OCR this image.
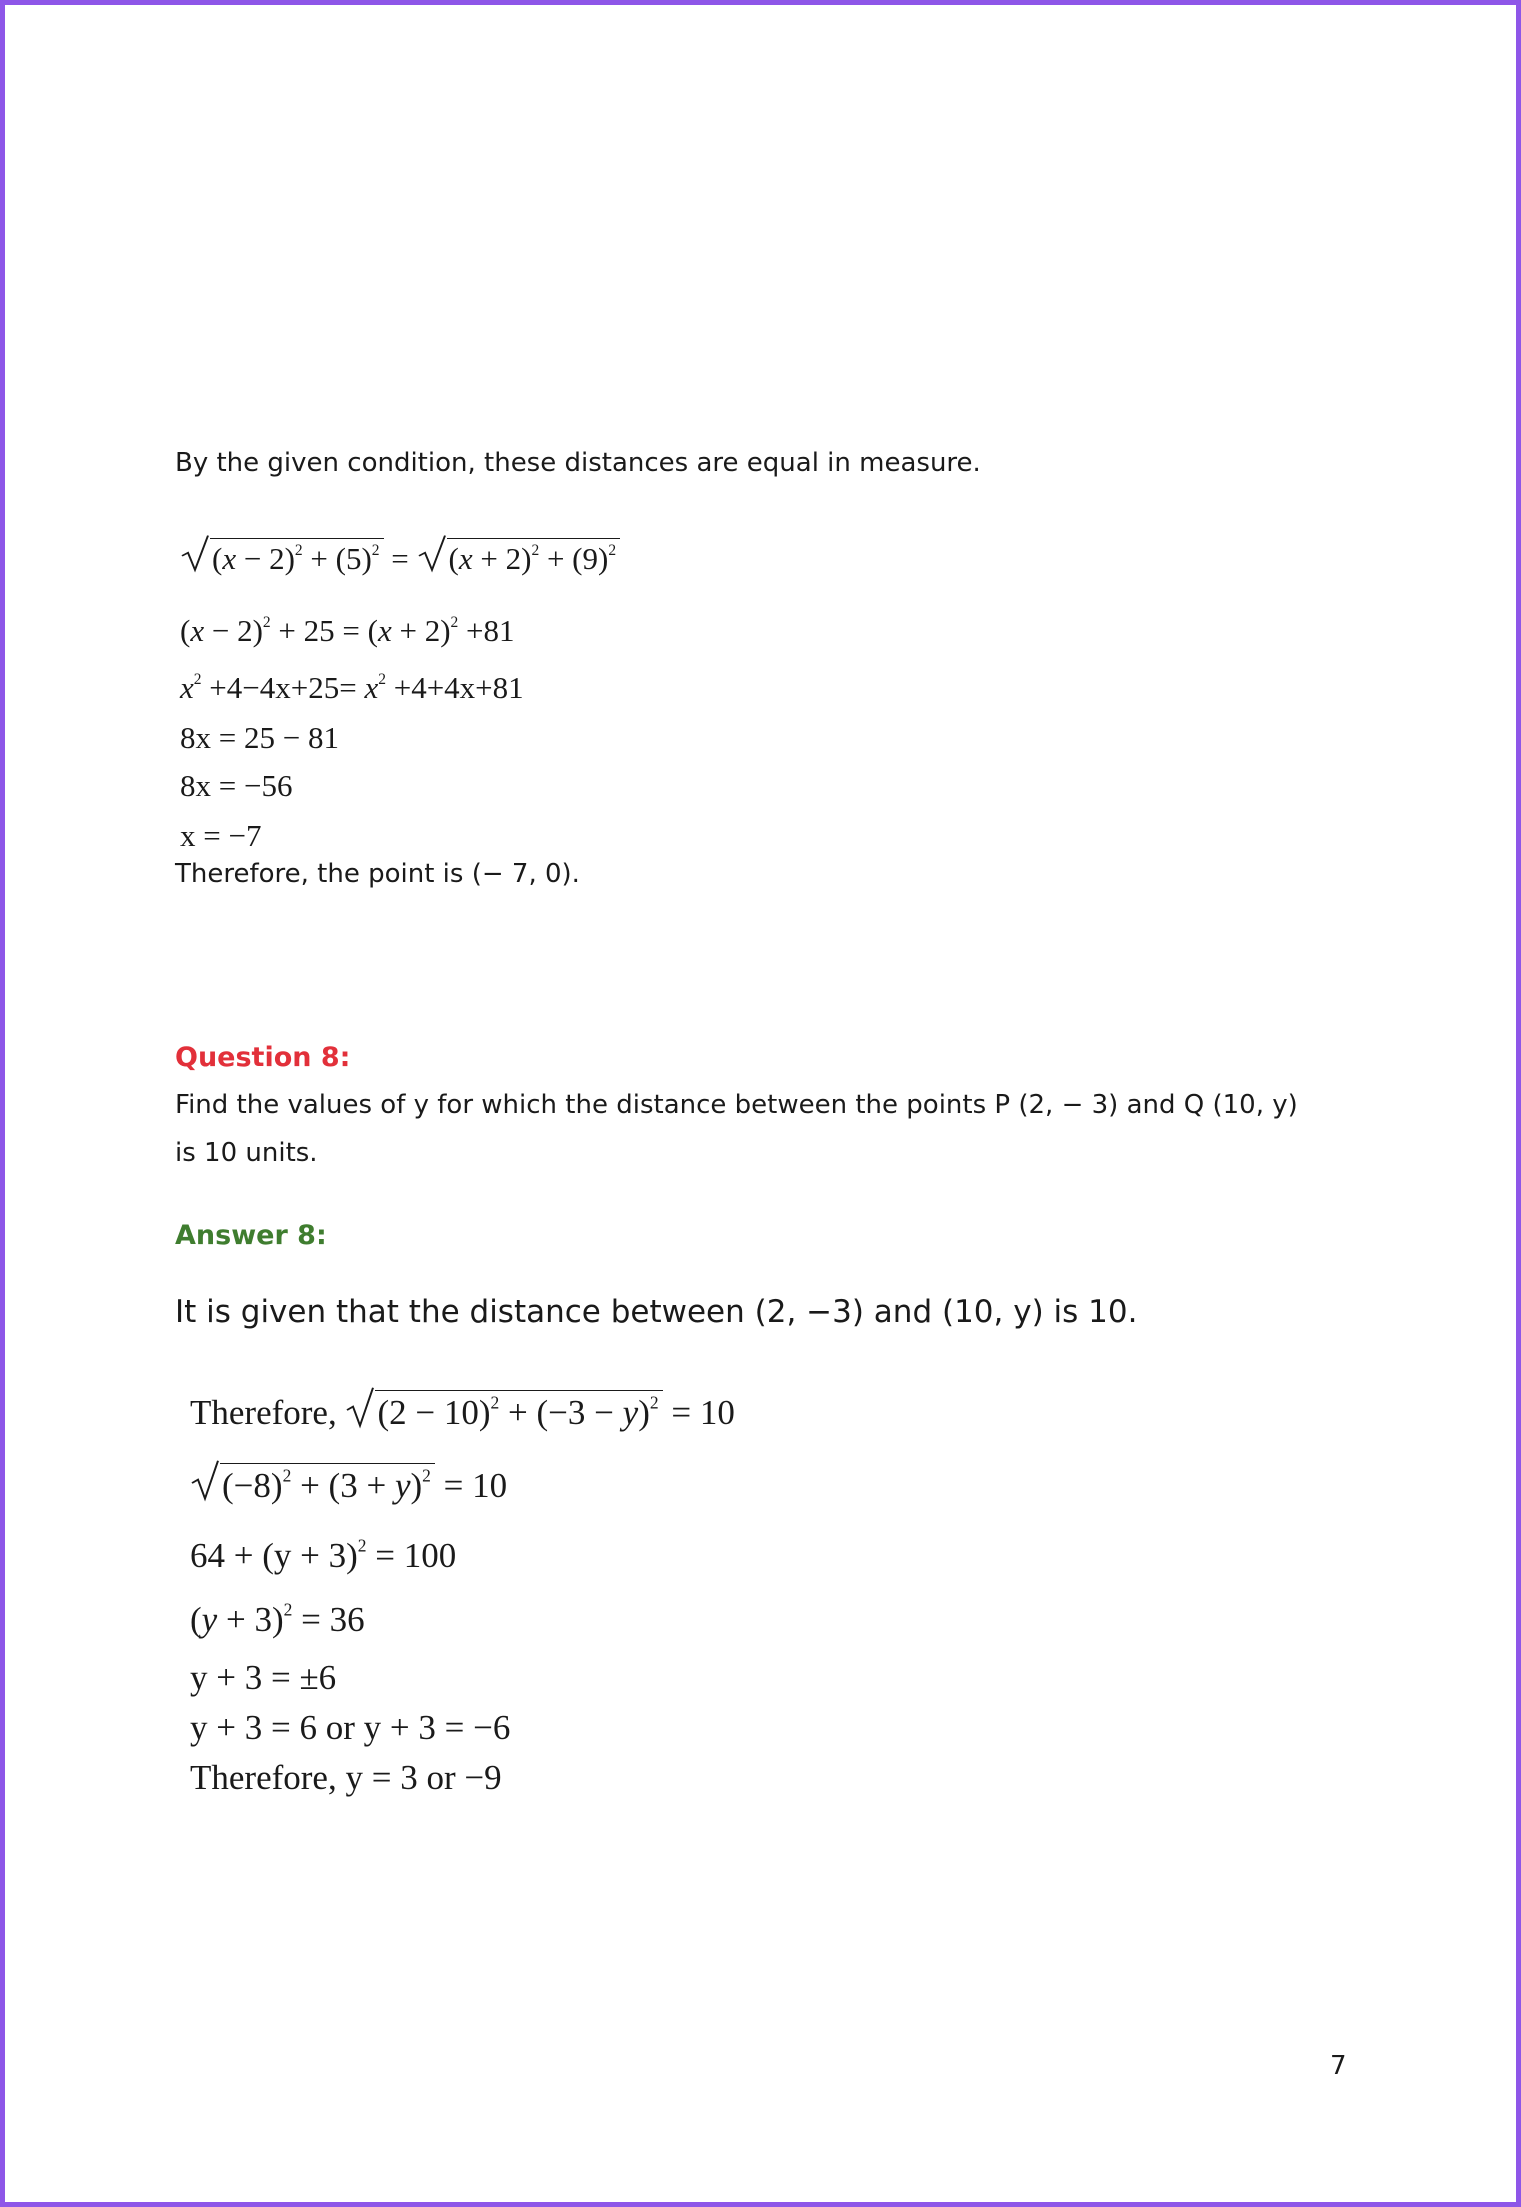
By the given condition, these distances are equal in measure.
$(x - 2)^2 + (5)^2$ =
$(x + 2)^2 + (9)^2$
$(x - 2)^2 + 25 = (x + 2)^2 +81$
$x^2 +4-4x+25= x^2 +4+4x+81$
8x = 25 − 81
8x = −56
x = −7
Therefore, the point is (− 7, 0).
Question 8:
Find the values of y for which the distance between the points P (2, − 3) and Q (10, y)
is 10 units.
Answer 8:
It is given that the distance between (2, −3) and (10, y) is 10.
Therefore, $(2 - 10)^2 + (-3 - y)^2 = 10$
$(-8)^2 + (3 + y)^2 = 10$
$64 + (y + 3)^2 = 100$
$(y + 3)^2 = 36$
y + 3 = ±6
y + 3 = 6 or y + 3 = −6
Therefore, y = 3 or −9
7
